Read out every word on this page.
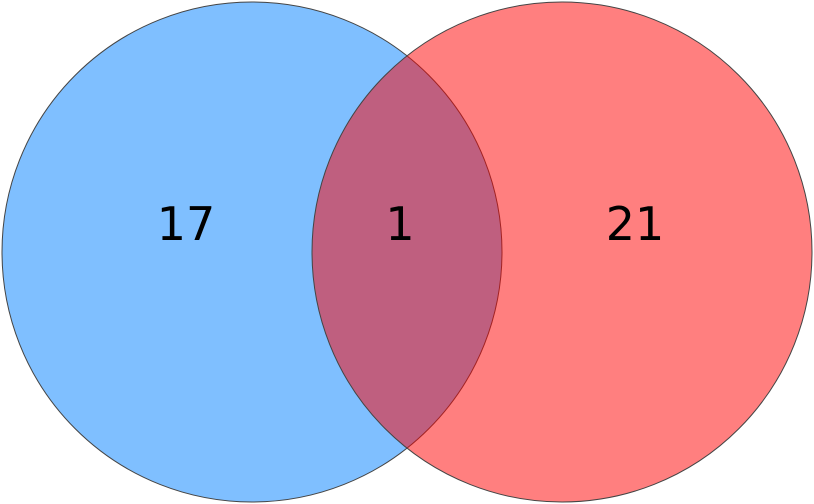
17	1	21
